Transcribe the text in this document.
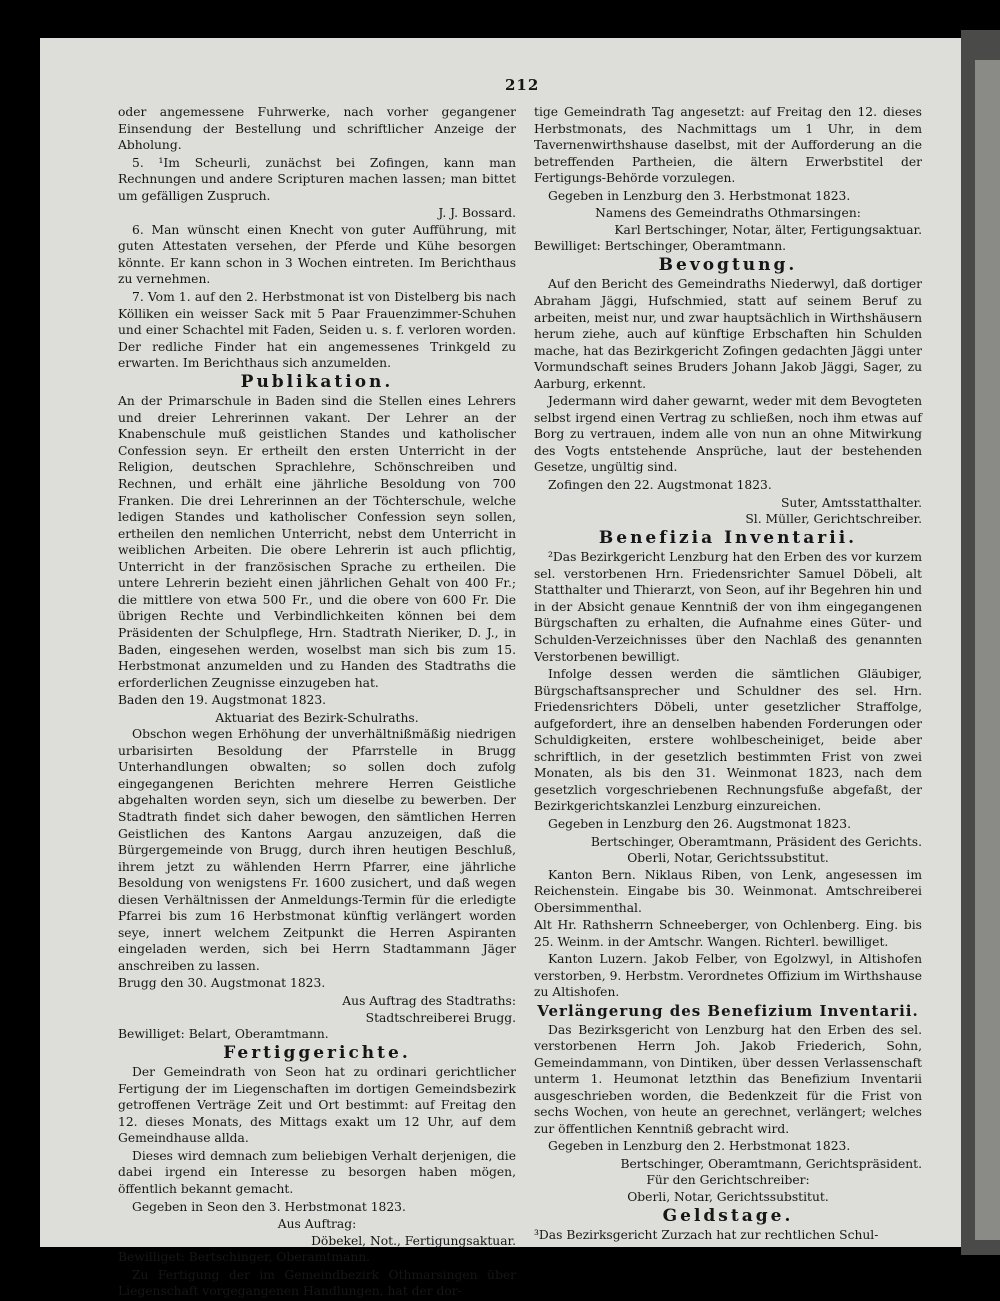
212

oder angemessene Fuhrwerke, nach vorher gegangener Einsendung der Bestellung und schriftlicher Anzeige der Abholung.

5. ¹Im Scheurli, zunächst bei Zofingen, kann man Rechnungen und andere Scripturen machen lassen; man bittet um gefälligen Zuspruch.

J. J. Bossard.

6. Man wünscht einen Knecht von guter Aufführung, mit guten Attestaten versehen, der Pferde und Kühe besorgen könnte. Er kann schon in 3 Wochen eintreten. Im Berichthaus zu vernehmen.

7. Vom 1. auf den 2. Herbstmonat ist von Distelberg bis nach Kölliken ein weisser Sack mit 5 Paar Frauenzimmer-Schuhen und einer Schachtel mit Faden, Seiden u. s. f. verloren worden. Der redliche Finder hat ein angemessenes Trinkgeld zu erwarten. Im Berichthaus sich anzumelden.

Publikation.

An der Primarschule in Baden sind die Stellen eines Lehrers und dreier Lehrerinnen vakant. Der Lehrer an der Knabenschule muß geistlichen Standes und katholischer Confession seyn. Er ertheilt den ersten Unterricht in der Religion, deutschen Sprachlehre, Schönschreiben und Rechnen, und erhält eine jährliche Besoldung von 700 Franken. Die drei Lehrerinnen an der Töchterschule, welche ledigen Standes und katholischer Confession seyn sollen, ertheilen den nemlichen Unterricht, nebst dem Unterricht in weiblichen Arbeiten. Die obere Lehrerin ist auch pflichtig, Unterricht in der französischen Sprache zu ertheilen. Die untere Lehrerin bezieht einen jährlichen Gehalt von 400 Fr.; die mittlere von etwa 500 Fr., und die obere von 600 Fr. Die übrigen Rechte und Verbindlichkeiten können bei dem Präsidenten der Schulpflege, Hrn. Stadtrath Nieriker, D. J., in Baden, eingesehen werden, woselbst man sich bis zum 15. Herbstmonat anzumelden und zu Handen des Stadtraths die erforderlichen Zeugnisse einzugeben hat.

Baden den 19. Augstmonat 1823.

Aktuariat des Bezirk-Schulraths.

Obschon wegen Erhöhung der unverhältnißmäßig niedrigen urbarisirten Besoldung der Pfarrstelle in Brugg Unterhandlungen obwalten; so sollen doch zufolg eingegangenen Berichten mehrere Herren Geistliche abgehalten worden seyn, sich um dieselbe zu bewerben. Der Stadtrath findet sich daher bewogen, den sämtlichen Herren Geistlichen des Kantons Aargau anzuzeigen, daß die Bürgergemeinde von Brugg, durch ihren heutigen Beschluß, ihrem jetzt zu wählenden Herrn Pfarrer, eine jährliche Besoldung von wenigstens Fr. 1600 zusichert, und daß wegen diesen Verhältnissen der Anmeldungs-Termin für die erledigte Pfarrei bis zum 16 Herbstmonat künftig verlängert worden seye, innert welchem Zeitpunkt die Herren Aspiranten eingeladen werden, sich bei Herrn Stadtammann Jäger anschreiben zu lassen.

Brugg den 30. Augstmonat 1823.

Aus Auftrag des Stadtraths:

Stadtschreiberei Brugg.

Bewilliget: Belart, Oberamtmann.

Fertiggerichte.

Der Gemeindrath von Seon hat zu ordinari gerichtlicher Fertigung der im Liegenschaften im dortigen Gemeindsbezirk getroffenen Verträge Zeit und Ort bestimmt: auf Freitag den 12. dieses Monats, des Mittags exakt um 12 Uhr, auf dem Gemeindhause allda.

Dieses wird demnach zum beliebigen Verhalt derjenigen, die dabei irgend ein Interesse zu besorgen haben mögen, öffentlich bekannt gemacht.

Gegeben in Seon den 3. Herbstmonat 1823.

Aus Auftrag:

Döbekel, Not., Fertigungsaktuar.

Bewilliget: Bertschinger, Oberamtmann.

Zu Fertigung der im Gemeindbezirk Othmarsingen über Liegenschaft vorgegangenen Handlungen, hat der dor-

tige Gemeindrath Tag angesetzt: auf Freitag den 12. dieses Herbstmonats, des Nachmittags um 1 Uhr, in dem Tavernenwirthshause daselbst, mit der Aufforderung an die betreffenden Partheien, die ältern Erwerbstitel der Fertigungs-Behörde vorzulegen.

Gegeben in Lenzburg den 3. Herbstmonat 1823.

Namens des Gemeindraths Othmarsingen:

Karl Bertschinger, Notar, älter, Fertigungsaktuar.

Bewilliget: Bertschinger, Oberamtmann.

Bevogtung.

Auf den Bericht des Gemeindraths Niederwyl, daß dortiger Abraham Jäggi, Hufschmied, statt auf seinem Beruf zu arbeiten, meist nur, und zwar hauptsächlich in Wirthshäusern herum ziehe, auch auf künftige Erbschaften hin Schulden mache, hat das Bezirkgericht Zofingen gedachten Jäggi unter Vormundschaft seines Bruders Johann Jakob Jäggi, Sager, zu Aarburg, erkennt.

Jedermann wird daher gewarnt, weder mit dem Bevogteten selbst irgend einen Vertrag zu schließen, noch ihm etwas auf Borg zu vertrauen, indem alle von nun an ohne Mitwirkung des Vogts entstehende Ansprüche, laut der bestehenden Gesetze, ungültig sind.

Zofingen den 22. Augstmonat 1823.

Suter, Amtsstatthalter.

Sl. Müller, Gerichtschreiber.

Benefizia Inventarii.

²Das Bezirkgericht Lenzburg hat den Erben des vor kurzem sel. verstorbenen Hrn. Friedensrichter Samuel Döbeli, alt Statthalter und Thierarzt, von Seon, auf ihr Begehren hin und in der Absicht genaue Kenntniß der von ihm eingegangenen Bürgschaften zu erhalten, die Aufnahme eines Güter- und Schulden-Verzeichnisses über den Nachlaß des genannten Verstorbenen bewilligt.

Infolge dessen werden die sämtlichen Gläubiger, Bürgschaftsansprecher und Schuldner des sel. Hrn. Friedensrichters Döbeli, unter gesetzlicher Straffolge, aufgefordert, ihre an denselben habenden Forderungen oder Schuldigkeiten, erstere wohlbescheiniget, beide aber schriftlich, in der gesetzlich bestimmten Frist von zwei Monaten, als bis den 31. Weinmonat 1823, nach dem gesetzlich vorgeschriebenen Rechnungsfuße abgefaßt, der Bezirkgerichtskanzlei Lenzburg einzureichen.

Gegeben in Lenzburg den 26. Augstmonat 1823.

Bertschinger, Oberamtmann, Präsident des Gerichts.

Oberli, Notar, Gerichtssubstitut.

Kanton Bern. Niklaus Riben, von Lenk, angesessen im Reichenstein. Eingabe bis 30. Weinmonat. Amtschreiberei Obersimmenthal.

Alt Hr. Rathsherrn Schneeberger, von Ochlenberg. Eing. bis 25. Weinm. in der Amtschr. Wangen. Richterl. bewilliget.

Kanton Luzern. Jakob Felber, von Egolzwyl, in Altishofen verstorben, 9. Herbstm. Verordnetes Offizium im Wirthshause zu Altishofen.

Verlängerung des Benefizium Inventarii.

Das Bezirksgericht von Lenzburg hat den Erben des sel. verstorbenen Herrn Joh. Jakob Friederich, Sohn, Gemeindammann, von Dintiken, über dessen Verlassenschaft unterm 1. Heumonat letzthin das Benefizium Inventarii ausgeschrieben worden, die Bedenkzeit für die Frist von sechs Wochen, von heute an gerechnet, verlängert; welches zur öffentlichen Kenntniß gebracht wird.

Gegeben in Lenzburg den 2. Herbstmonat 1823.

Bertschinger, Oberamtmann, Gerichtspräsident.

Für den Gerichtschreiber:

Oberli, Notar, Gerichtssubstitut.

Geldstage.

³Das Bezirksgericht Zurzach hat zur rechtlichen Schul-
